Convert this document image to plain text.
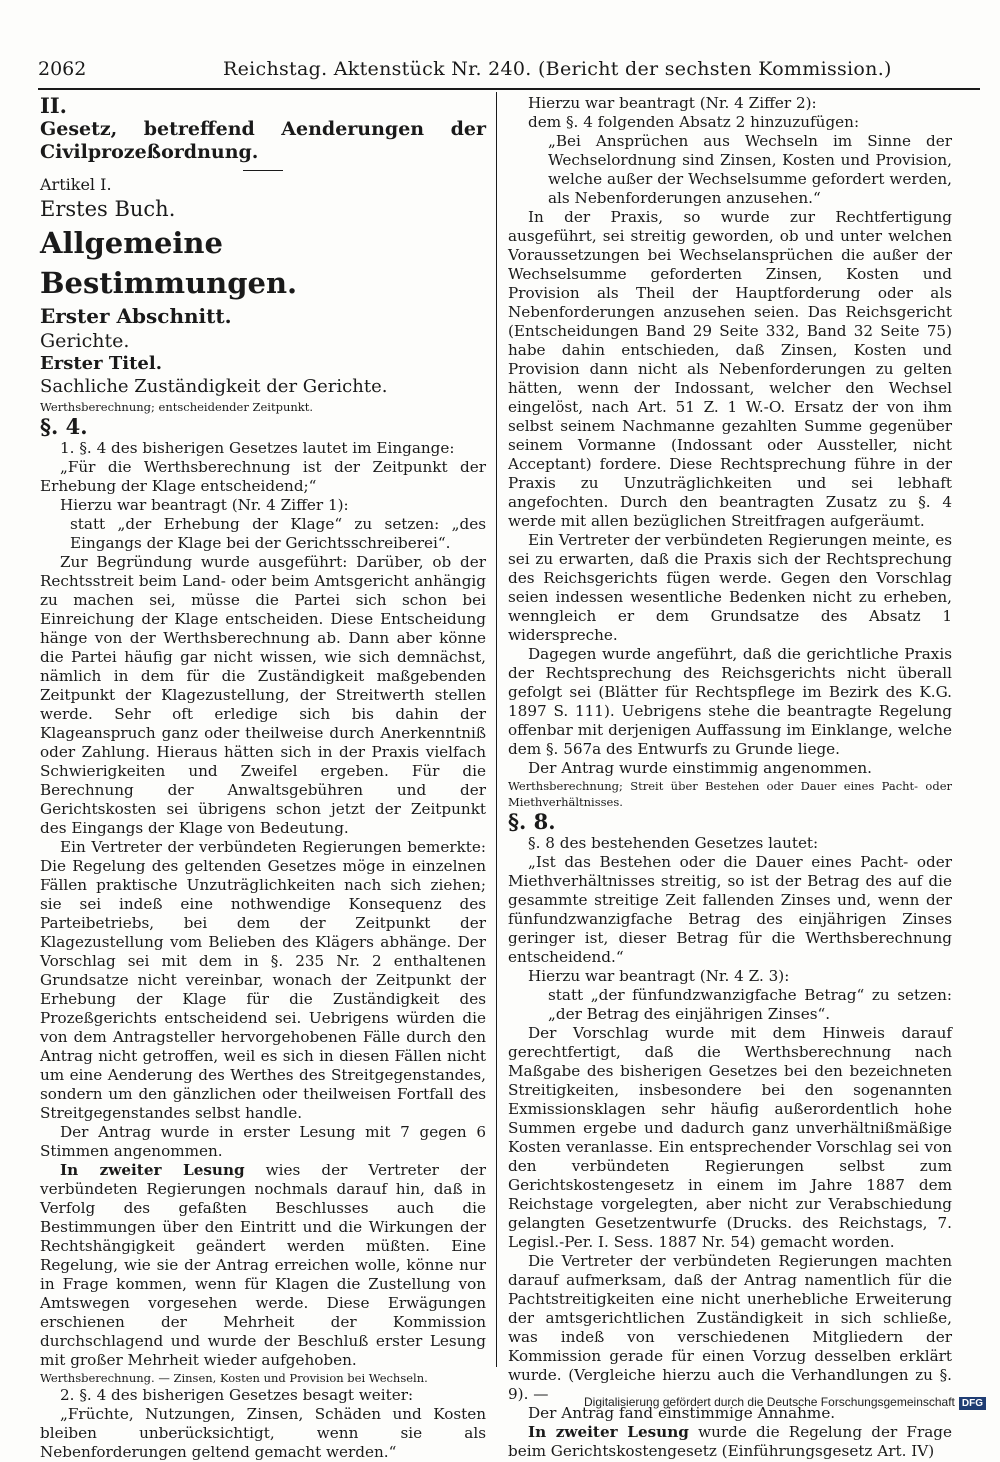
2062	Reichstag. Aktenstück Nr. 240. (Bericht der sechsten Kommission.)

II.

Gesetz, betreffend Aenderungen der Civilprozeßordnung.

Artikel I.

Erstes Buch.

Allgemeine Bestimmungen.

Erster Abschnitt.

Gerichte.

Erster Titel.

Sachliche Zuständigkeit der Gerichte.

Werthsberechnung; entscheidender Zeitpunkt.

§. 4.

1. §. 4 des bisherigen Gesetzes lautet im Eingange:

„Für die Werthsberechnung ist der Zeitpunkt der Erhebung der Klage entscheidend;“

Hierzu war beantragt (Nr. 4 Ziffer 1):

statt „der Erhebung der Klage“ zu setzen: „des Eingangs der Klage bei der Gerichtsschreiberei“.

Zur Begründung wurde ausgeführt: Darüber, ob der Rechtsstreit beim Land- oder beim Amtsgericht anhängig zu machen sei, müsse die Partei sich schon bei Einreichung der Klage entscheiden. Diese Entscheidung hänge von der Werthsberechnung ab. Dann aber könne die Partei häufig gar nicht wissen, wie sich demnächst, nämlich in dem für die Zuständigkeit maßgebenden Zeitpunkt der Klagezustellung, der Streitwerth stellen werde. Sehr oft erledige sich bis dahin der Klageanspruch ganz oder theilweise durch Anerkenntniß oder Zahlung. Hieraus hätten sich in der Praxis vielfach Schwierigkeiten und Zweifel ergeben. Für die Berechnung der Anwaltsgebühren und der Gerichtskosten sei übrigens schon jetzt der Zeitpunkt des Eingangs der Klage von Bedeutung.

Ein Vertreter der verbündeten Regierungen bemerkte: Die Regelung des geltenden Gesetzes möge in einzelnen Fällen praktische Unzuträglichkeiten nach sich ziehen; sie sei indeß eine nothwendige Konsequenz des Parteibetriebs, bei dem der Zeitpunkt der Klagezustellung vom Belieben des Klägers abhänge. Der Vorschlag sei mit dem in §. 235 Nr. 2 enthaltenen Grundsatze nicht vereinbar, wonach der Zeitpunkt der Erhebung der Klage für die Zuständigkeit des Prozeßgerichts entscheidend sei. Uebrigens würden die von dem Antragsteller hervorgehobenen Fälle durch den Antrag nicht getroffen, weil es sich in diesen Fällen nicht um eine Aenderung des Werthes des Streitgegenstandes, sondern um den gänzlichen oder theilweisen Fortfall des Streitgegenstandes selbst handle.

Der Antrag wurde in erster Lesung mit 7 gegen 6 Stimmen angenommen.

In zweiter Lesung wies der Vertreter der verbündeten Regierungen nochmals darauf hin, daß in Verfolg des gefaßten Beschlusses auch die Bestimmungen über den Eintritt und die Wirkungen der Rechtshängigkeit geändert werden müßten. Eine Regelung, wie sie der Antrag erreichen wolle, könne nur in Frage kommen, wenn für Klagen die Zustellung von Amtswegen vorgesehen werde. Diese Erwägungen erschienen der Mehrheit der Kommission durchschlagend und wurde der Beschluß erster Lesung mit großer Mehrheit wieder aufgehoben.

Werthsberechnung. — Zinsen, Kosten und Provision bei Wechseln.

2. §. 4 des bisherigen Gesetzes besagt weiter:

„Früchte, Nutzungen, Zinsen, Schäden und Kosten bleiben unberücksichtigt, wenn sie als Nebenforderungen geltend gemacht werden.“

Hierzu war beantragt (Nr. 4 Ziffer 2):

dem §. 4 folgenden Absatz 2 hinzuzufügen:

„Bei Ansprüchen aus Wechseln im Sinne der Wechselordnung sind Zinsen, Kosten und Provision, welche außer der Wechselsumme gefordert werden, als Nebenforderungen anzusehen.“

In der Praxis, so wurde zur Rechtfertigung ausgeführt, sei streitig geworden, ob und unter welchen Voraussetzungen bei Wechselansprüchen die außer der Wechselsumme geforderten Zinsen, Kosten und Provision als Theil der Hauptforderung oder als Nebenforderungen anzusehen seien. Das Reichsgericht (Entscheidungen Band 29 Seite 332, Band 32 Seite 75) habe dahin entschieden, daß Zinsen, Kosten und Provision dann nicht als Nebenforderungen zu gelten hätten, wenn der Indossant, welcher den Wechsel eingelöst, nach Art. 51 Z. 1 W.-O. Ersatz der von ihm selbst seinem Nachmanne gezahlten Summe gegenüber seinem Vormanne (Indossant oder Aussteller, nicht Acceptant) fordere. Diese Rechtsprechung führe in der Praxis zu Unzuträglichkeiten und sei lebhaft angefochten. Durch den beantragten Zusatz zu §. 4 werde mit allen bezüglichen Streitfragen aufgeräumt.

Ein Vertreter der verbündeten Regierungen meinte, es sei zu erwarten, daß die Praxis sich der Rechtsprechung des Reichsgerichts fügen werde. Gegen den Vorschlag seien indessen wesentliche Bedenken nicht zu erheben, wenngleich er dem Grundsatze des Absatz 1 widerspreche.

Dagegen wurde angeführt, daß die gerichtliche Praxis der Rechtsprechung des Reichsgerichts nicht überall gefolgt sei (Blätter für Rechtspflege im Bezirk des K.G. 1897 S. 111). Uebrigens stehe die beantragte Regelung offenbar mit derjenigen Auffassung im Einklange, welche dem §. 567a des Entwurfs zu Grunde liege.

Der Antrag wurde einstimmig angenommen.

Werthsberechnung; Streit über Bestehen oder Dauer eines Pacht- oder Miethverhältnisses.

§. 8.

§. 8 des bestehenden Gesetzes lautet:

„Ist das Bestehen oder die Dauer eines Pacht- oder Miethverhältnisses streitig, so ist der Betrag des auf die gesammte streitige Zeit fallenden Zinses und, wenn der fünfundzwanzigfache Betrag des einjährigen Zinses geringer ist, dieser Betrag für die Werthsberechnung entscheidend.“

Hierzu war beantragt (Nr. 4 Z. 3):

statt „der fünfundzwanzigfache Betrag“ zu setzen: „der Betrag des einjährigen Zinses“.

Der Vorschlag wurde mit dem Hinweis darauf gerechtfertigt, daß die Werthsberechnung nach Maßgabe des bisherigen Gesetzes bei den bezeichneten Streitigkeiten, insbesondere bei den sogenannten Exmissionsklagen sehr häufig außerordentlich hohe Summen ergebe und dadurch ganz unverhältnißmäßige Kosten veranlasse. Ein entsprechender Vorschlag sei von den verbündeten Regierungen selbst zum Gerichtskostengesetz in einem im Jahre 1887 dem Reichstage vorgelegten, aber nicht zur Verabschiedung gelangten Gesetzentwurfe (Drucks. des Reichstags, 7. Legisl.-Per. I. Sess. 1887 Nr. 54) gemacht worden.

Die Vertreter der verbündeten Regierungen machten darauf aufmerksam, daß der Antrag namentlich für die Pachtstreitigkeiten eine nicht unerhebliche Erweiterung der amtsgerichtlichen Zuständigkeit in sich schließe, was indeß von verschiedenen Mitgliedern der Kommission gerade für einen Vorzug desselben erklärt wurde. (Vergleiche hierzu auch die Verhandlungen zu §. 9). —

Der Antrag fand einstimmige Annahme.

In zweiter Lesung wurde die Regelung der Frage beim Gerichtskostengesetz (Einführungsgesetz Art. IV)

Digitalisierung gefördert durch die Deutsche Forschungsgemeinschaft DFG
